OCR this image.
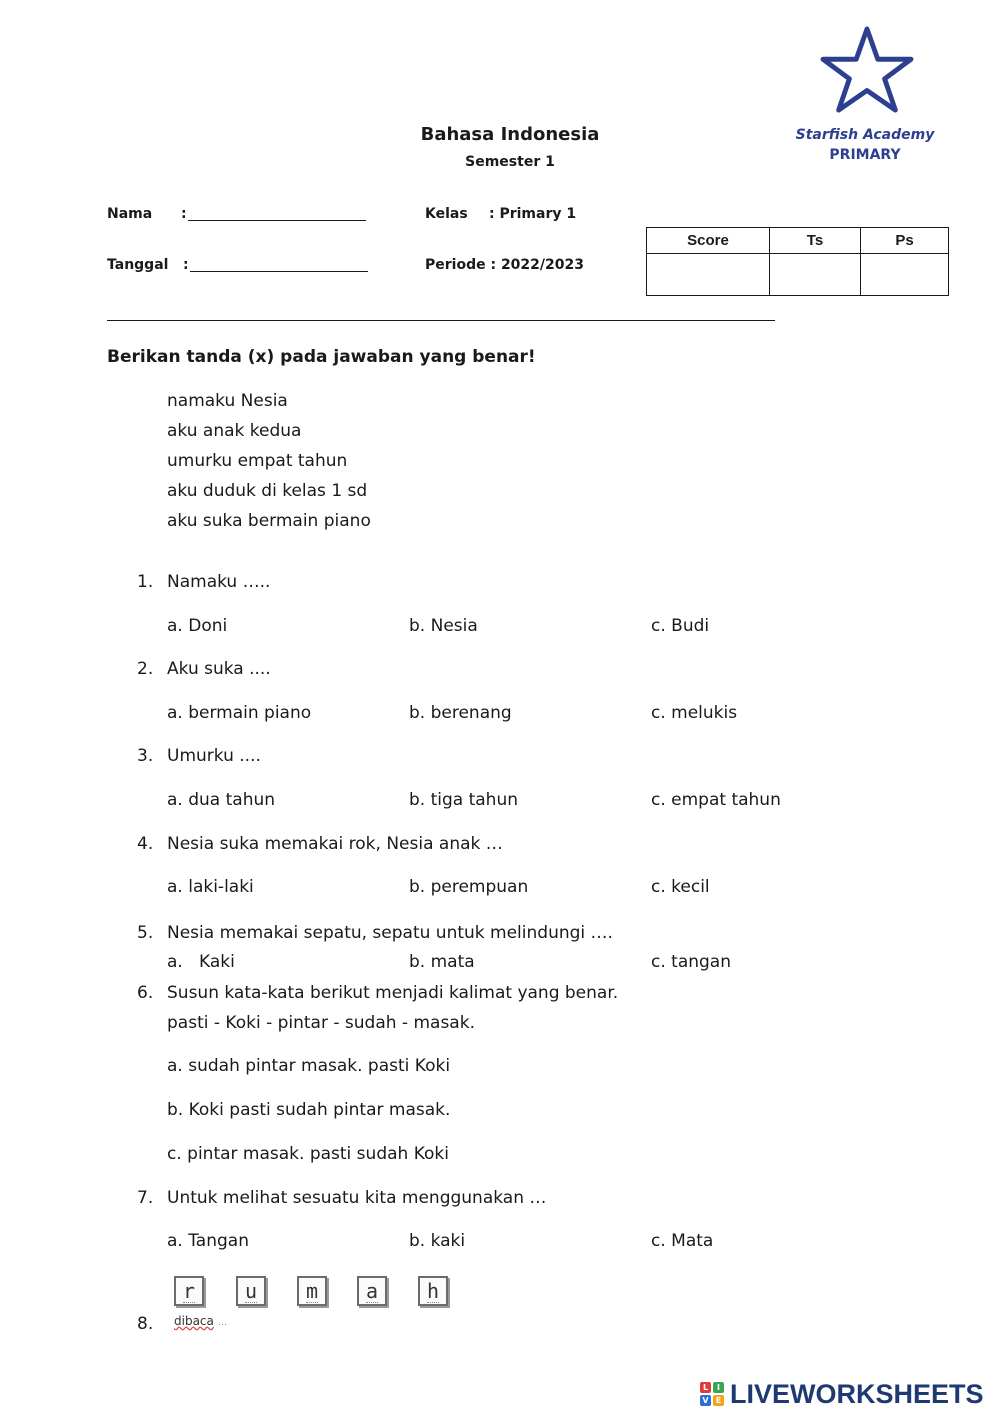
Bahasa Indonesia
Semester 1
Starfish Academy
PRIMARY
Nama :
Tanggal :
Kelas : Primary 1
Periode : 2022/2023
Score	Ts	Ps

Berikan tanda (x) pada jawaban yang benar!
namaku Nesia
aku anak kedua
umurku empat tahun
aku duduk di kelas 1 sd
aku suka bermain piano
1. Namaku …..
a. Doni	b. Nesia	c. Budi
2. Aku suka ....
a. bermain piano	b. berenang	c. melukis
3. Umurku ....
a. dua tahun	b. tiga tahun	c. empat tahun
4. Nesia suka memakai rok, Nesia anak …
a. laki-laki	b. perempuan	c. kecil
5. Nesia memakai sepatu, sepatu untuk melindungi ….
a.   Kaki	b. mata	c. tangan
6. Susun kata-kata berikut menjadi kalimat yang benar.
pasti - Koki - pintar - sudah - masak.
a. sudah pintar masak. pasti Koki
b. Koki pasti sudah pintar masak.
c. pintar masak. pasti sudah Koki
7. Untuk melihat sesuatu kita menggunakan …
a. Tangan	b. kaki	c. Mata
r u m a h
8. dibaca …
L	I
V E LIVEWORKSHEETS
